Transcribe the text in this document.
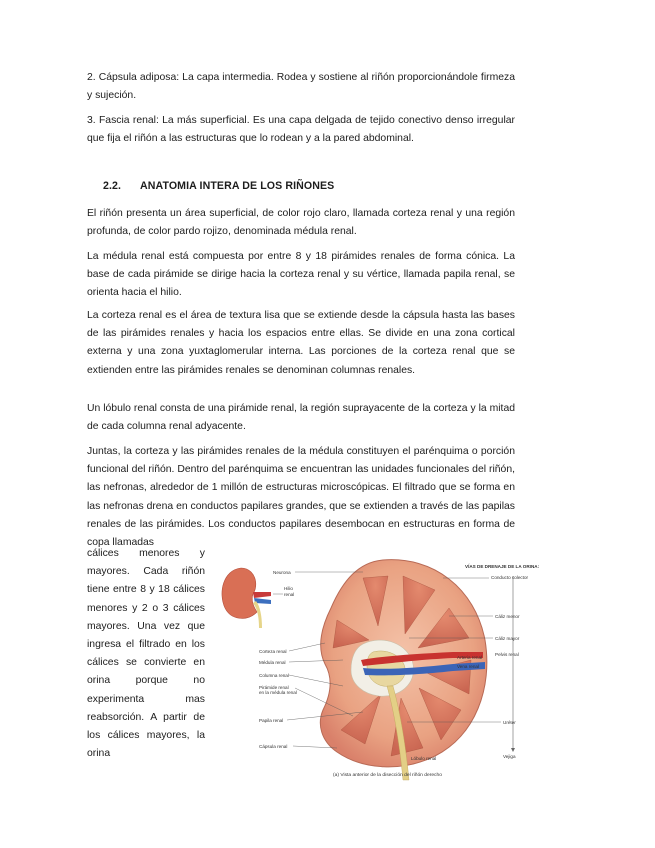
2. Cápsula adiposa: La capa intermedia. Rodea y sostiene al riñón proporcionándole firmeza y sujeción.

3. Fascia renal: La más superficial. Es una capa delgada de tejido conectivo denso irregular que fija el riñón a las estructuras que lo rodean y a la pared abdominal.

2.2. ANATOMIA INTERA DE LOS RIÑONES

El riñón presenta un área superficial, de color rojo claro, llamada corteza renal y una región profunda, de color pardo rojizo, denominada médula renal.

La médula renal está compuesta por entre 8 y 18 pirámides renales de forma cónica. La base de cada pirámide se dirige hacia la corteza renal y su vértice, llamada papila renal, se orienta hacia el hilio.

La corteza renal es el área de textura lisa que se extiende desde la cápsula hasta las bases de las pirámides renales y hacia los espacios entre ellas. Se divide en una zona cortical externa y una zona yuxtaglomerular interna. Las porciones de la corteza renal que se extienden entre las pirámides renales se denominan columnas renales.

Un lóbulo renal consta de una pirámide renal, la región suprayacente de la corteza y la mitad de cada columna renal adyacente.

Juntas, la corteza y las pirámides renales de la médula constituyen el parénquima o porción funcional del riñón. Dentro del parénquima se encuentran las unidades funcionales del riñón, las nefronas, alrededor de 1 millón de estructuras microscópicas. El filtrado que se forma en las nefronas drena en conductos papilares grandes, que se extienden a través de las papilas renales de las pirámides. Los conductos papilares desembocan en estructuras en forma de copa llamadas

cálices menores y mayores. Cada riñón tiene entre 8 y 18 cálices menores y 2 o 3 cálices mayores. Una vez que ingresa el filtrado en los cálices se convierte en orina porque no experimenta mas reabsorción. A partir de los cálices mayores, la orina

Hilio
renal
Neurona
Corteza renal
Médula renal
Columna renal
Pirámide renal
en la médula renal
Papila renal
Cápsula renal
Lóbulo renal
Arteria renal
Vena renal
VÍAS DE DRENAJE DE LA ORINA:
Conducto colector
Cáliz menor
Cáliz mayor
Pelvis renal
Uréter
Vejiga
(a) Vista anterior de la disección del riñón derecho
